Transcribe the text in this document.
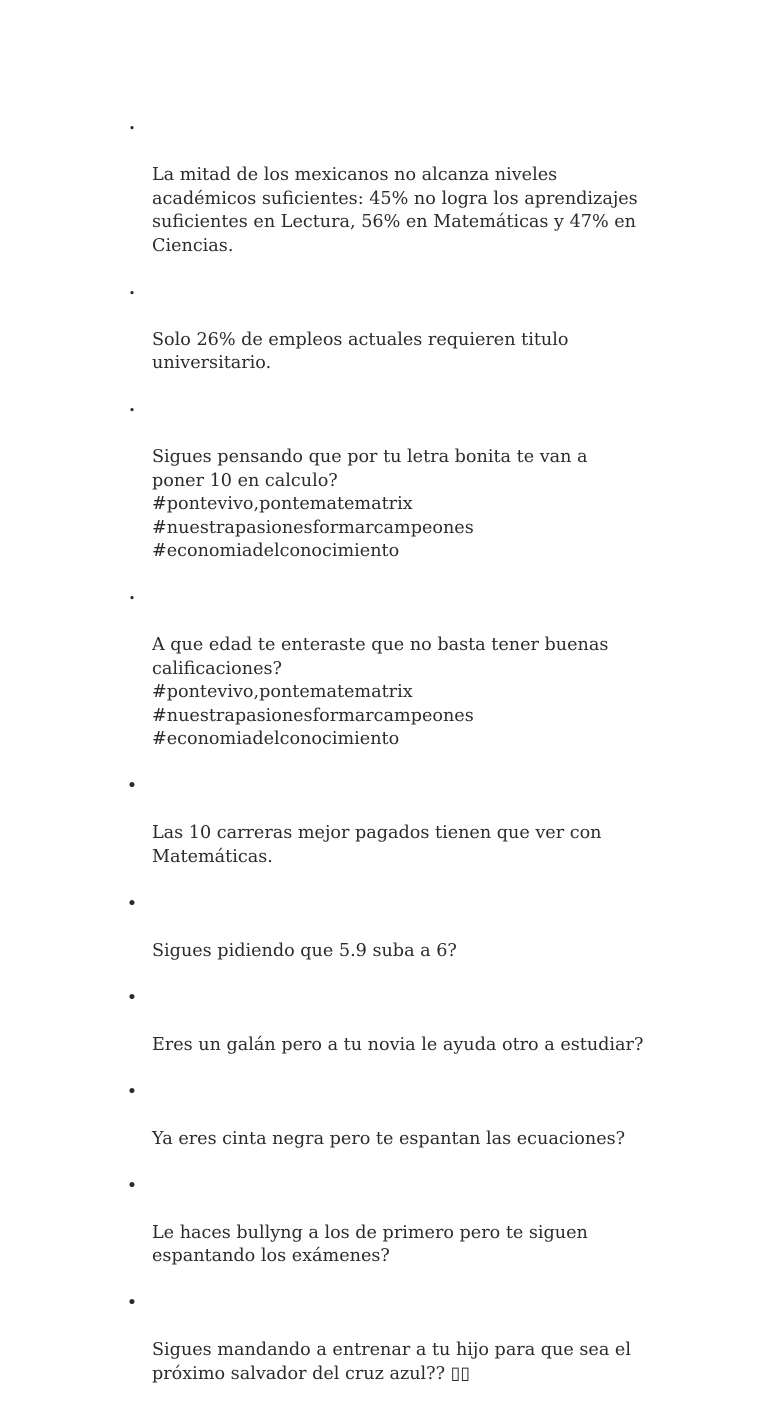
•

La mitad de los mexicanos no alcanza niveles
académicos suficientes: 45% no logra los aprendizajes
suficientes en Lectura, 56% en Matemáticas y 47% en
Ciencias.

•

Solo 26% de empleos actuales requieren titulo
universitario.

•

Sigues pensando que por tu letra bonita te van a
poner 10 en calculo?
#pontevivo,pontematematrix
#nuestrapasionesformarcampeones
#economiadelconocimiento

•

A que edad te enteraste que no basta tener buenas
calificaciones?
#pontevivo,pontematematrix
#nuestrapasionesformarcampeones
#economiadelconocimiento

•

Las 10 carreras mejor pagados tienen que ver con
Matemáticas.

•

Sigues pidiendo que 5.9 suba a 6?

•

Eres un galán pero a tu novia le ayuda otro a estudiar?

•

Ya eres cinta negra pero te espantan las ecuaciones?

•

Le haces bullyng a los de primero pero te siguen
espantando los exámenes?

•

Sigues mandando a entrenar a tu hijo para que sea el
próximo salvador del cruz azul?? ▯▯
